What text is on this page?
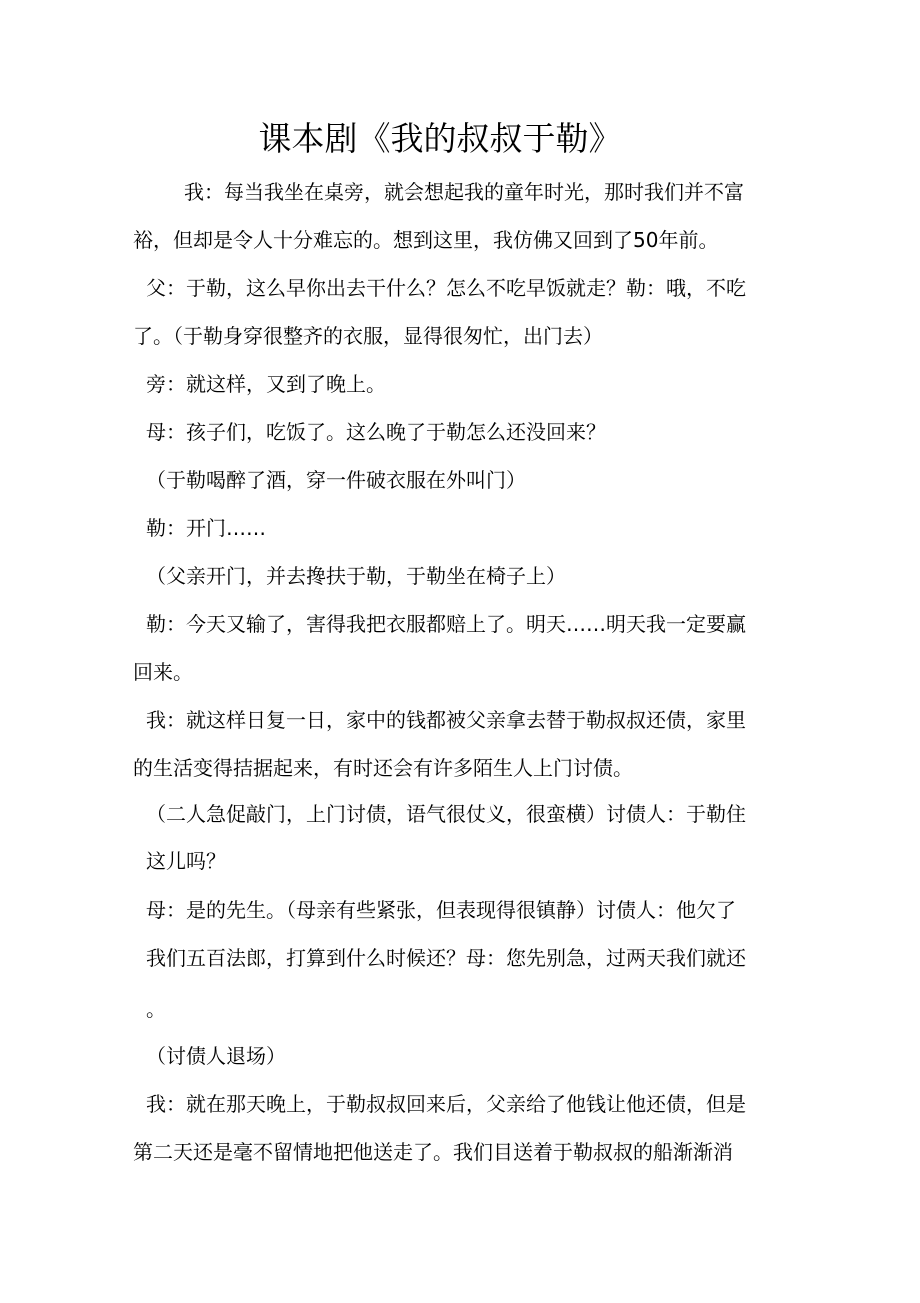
课本剧《我的叔叔于勒》

我：每当我坐在桌旁，就会想起我的童年时光，那时我们并不富

裕，但却是令人十分难忘的。想到这里，我仿佛又回到了50年前。

父：于勒，这么早你出去干什么？怎么不吃早饭就走？勒：哦，不吃

了。（于勒身穿很整齐的衣服，显得很匆忙，出门去）

旁：就这样，又到了晚上。

母：孩子们，吃饭了。这么晚了于勒怎么还没回来？

（于勒喝醉了酒，穿一件破衣服在外叫门）

勒：开门……

（父亲开门，并去搀扶于勒，于勒坐在椅子上）

勒：今天又输了，害得我把衣服都赔上了。明天……明天我一定要赢

回来。

我：就这样日复一日，家中的钱都被父亲拿去替于勒叔叔还债，家里

的生活变得拮据起来，有时还会有许多陌生人上门讨债。

（二人急促敲门，上门讨债，语气很仗义，很蛮横）讨债人：于勒住

这儿吗？

母：是的先生。（母亲有些紧张，但表现得很镇静）讨债人：他欠了

我们五百法郎，打算到什么时候还？母：您先别急，过两天我们就还

。

（讨债人退场）

我：就在那天晚上，于勒叔叔回来后，父亲给了他钱让他还债，但是

第二天还是毫不留情地把他送走了。我们目送着于勒叔叔的船渐渐消
